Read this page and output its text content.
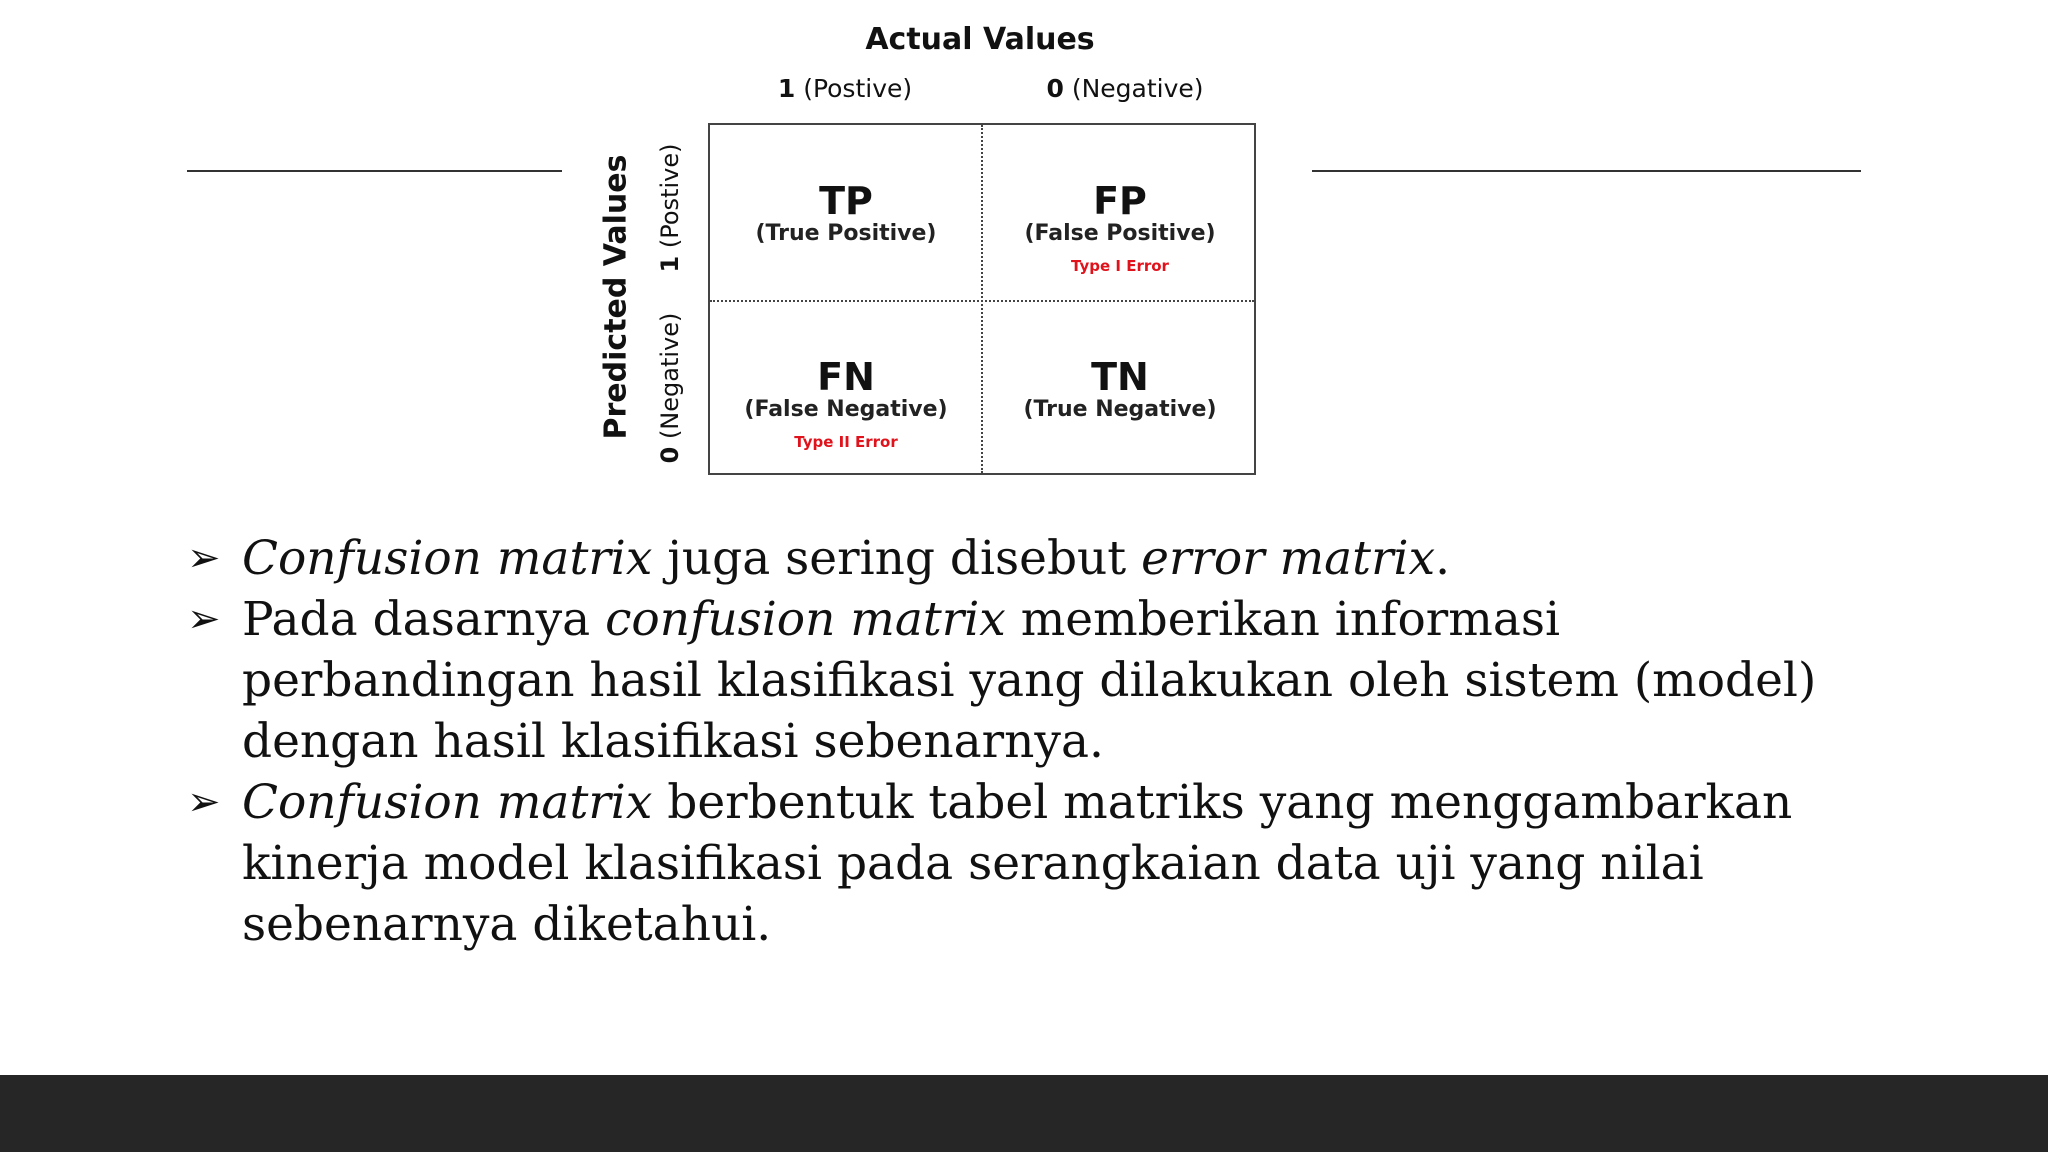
Actual Values
1 (Postive)	0 (Negative)
Predicted Values 1 (Postive)
0 (Negative)
TP
(True Positive)
FP
(False Positive)
Type I Error
FN
(False Negative)
Type II Error
TN
(True Negative)
➢ Confusion matrix juga sering disebut error matrix.
➢ Pada dasarnya confusion matrix memberikan informasi
perbandingan hasil klasifikasi yang dilakukan oleh sistem (model)
dengan hasil klasifikasi sebenarnya.
➢ Confusion matrix berbentuk tabel matriks yang menggambarkan
kinerja model klasifikasi pada serangkaian data uji yang nilai
sebenarnya diketahui.
